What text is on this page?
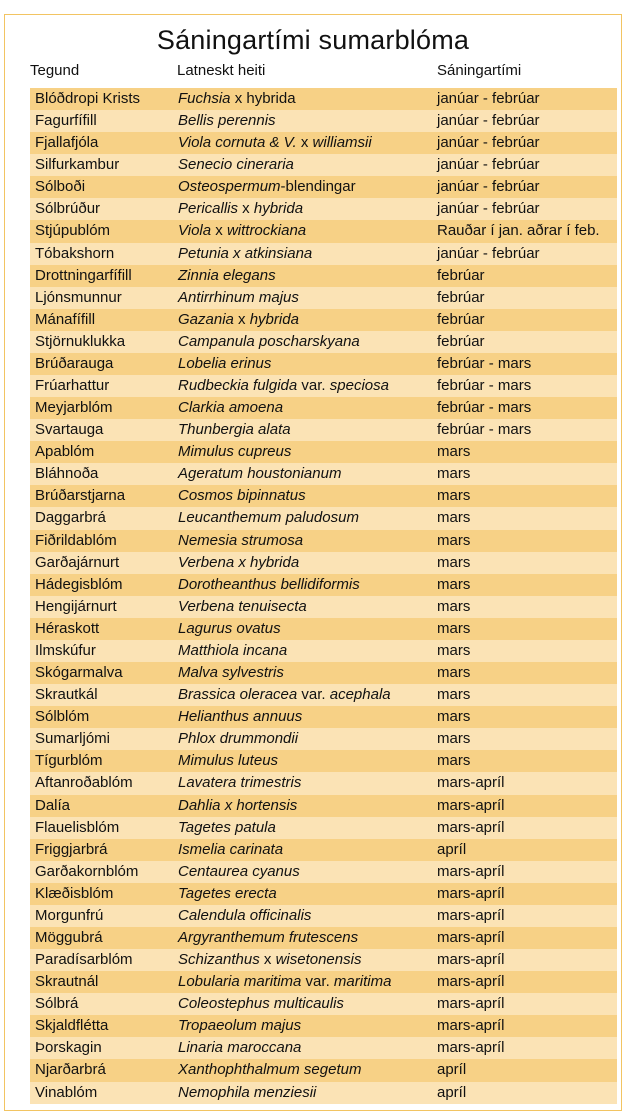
Sáningartími sumarblóma
Tegund	Latneskt heiti	Sáningartími
Blóðdropi Krists	Fuchsia x hybrida	janúar - febrúar
Fagurfífill	Bellis perennis	janúar - febrúar
Fjallafjóla	Viola cornuta & V. x williamsii	janúar - febrúar
Silfurkambur	Senecio cineraria	janúar - febrúar
Sólboði	Osteospermum-blendingar	janúar - febrúar
Sólbrúður	Pericallis x hybrida	janúar - febrúar
Stjúpublóm	Viola x wittrockiana	Rauðar í jan. aðrar í feb.
Tóbakshorn	Petunia x atkinsiana	janúar - febrúar
Drottningarfífill	Zinnia elegans	febrúar
Ljónsmunnur	Antirrhinum majus	febrúar
Mánafífill	Gazania x hybrida	febrúar
Stjörnuklukka	Campanula poscharskyana	febrúar
Brúðarauga	Lobelia erinus	febrúar - mars
Frúarhattur	Rudbeckia fulgida var. speciosa	febrúar - mars
Meyjarblóm	Clarkia amoena	febrúar - mars
Svartauga	Thunbergia alata	febrúar - mars
Apablóm	Mimulus cupreus	mars
Bláhnoða	Ageratum houstonianum	mars
Brúðarstjarna	Cosmos bipinnatus	mars
Daggarbrá	Leucanthemum paludosum	mars
Fiðrildablóm	Nemesia strumosa	mars
Garðajárnurt	Verbena x hybrida	mars
Hádegisblóm	Dorotheanthus bellidiformis	mars
Hengijárnurt	Verbena tenuisecta	mars
Héraskott	Lagurus ovatus	mars
Ilmskúfur	Matthiola incana	mars
Skógarmalva	Malva sylvestris	mars
Skrautkál	Brassica oleracea var. acephala	mars
Sólblóm	Helianthus annuus	mars
Sumarljómi	Phlox drummondii	mars
Tígurblóm	Mimulus luteus	mars
Aftanroðablóm	Lavatera trimestris	mars-apríl
Dalía	Dahlia x hortensis	mars-apríl
Flauelisblóm	Tagetes patula	mars-apríl
Friggjarbrá	Ismelia carinata	apríl
Garðakornblóm	Centaurea cyanus	mars-apríl
Klæðisblóm	Tagetes erecta	mars-apríl
Morgunfrú	Calendula officinalis	mars-apríl
Möggubrá	Argyranthemum frutescens	mars-apríl
Paradísarblóm	Schizanthus x wisetonensis	mars-apríl
Skrautnál	Lobularia maritima var. maritima	mars-apríl
Sólbrá	Coleostephus multicaulis	mars-apríl
Skjaldflétta	Tropaeolum majus	mars-apríl
Þorskagin	Linaria maroccana	mars-apríl
Njarðarbrá	Xanthophthalmum segetum	apríl
Vinablóm	Nemophila menziesii	apríl
